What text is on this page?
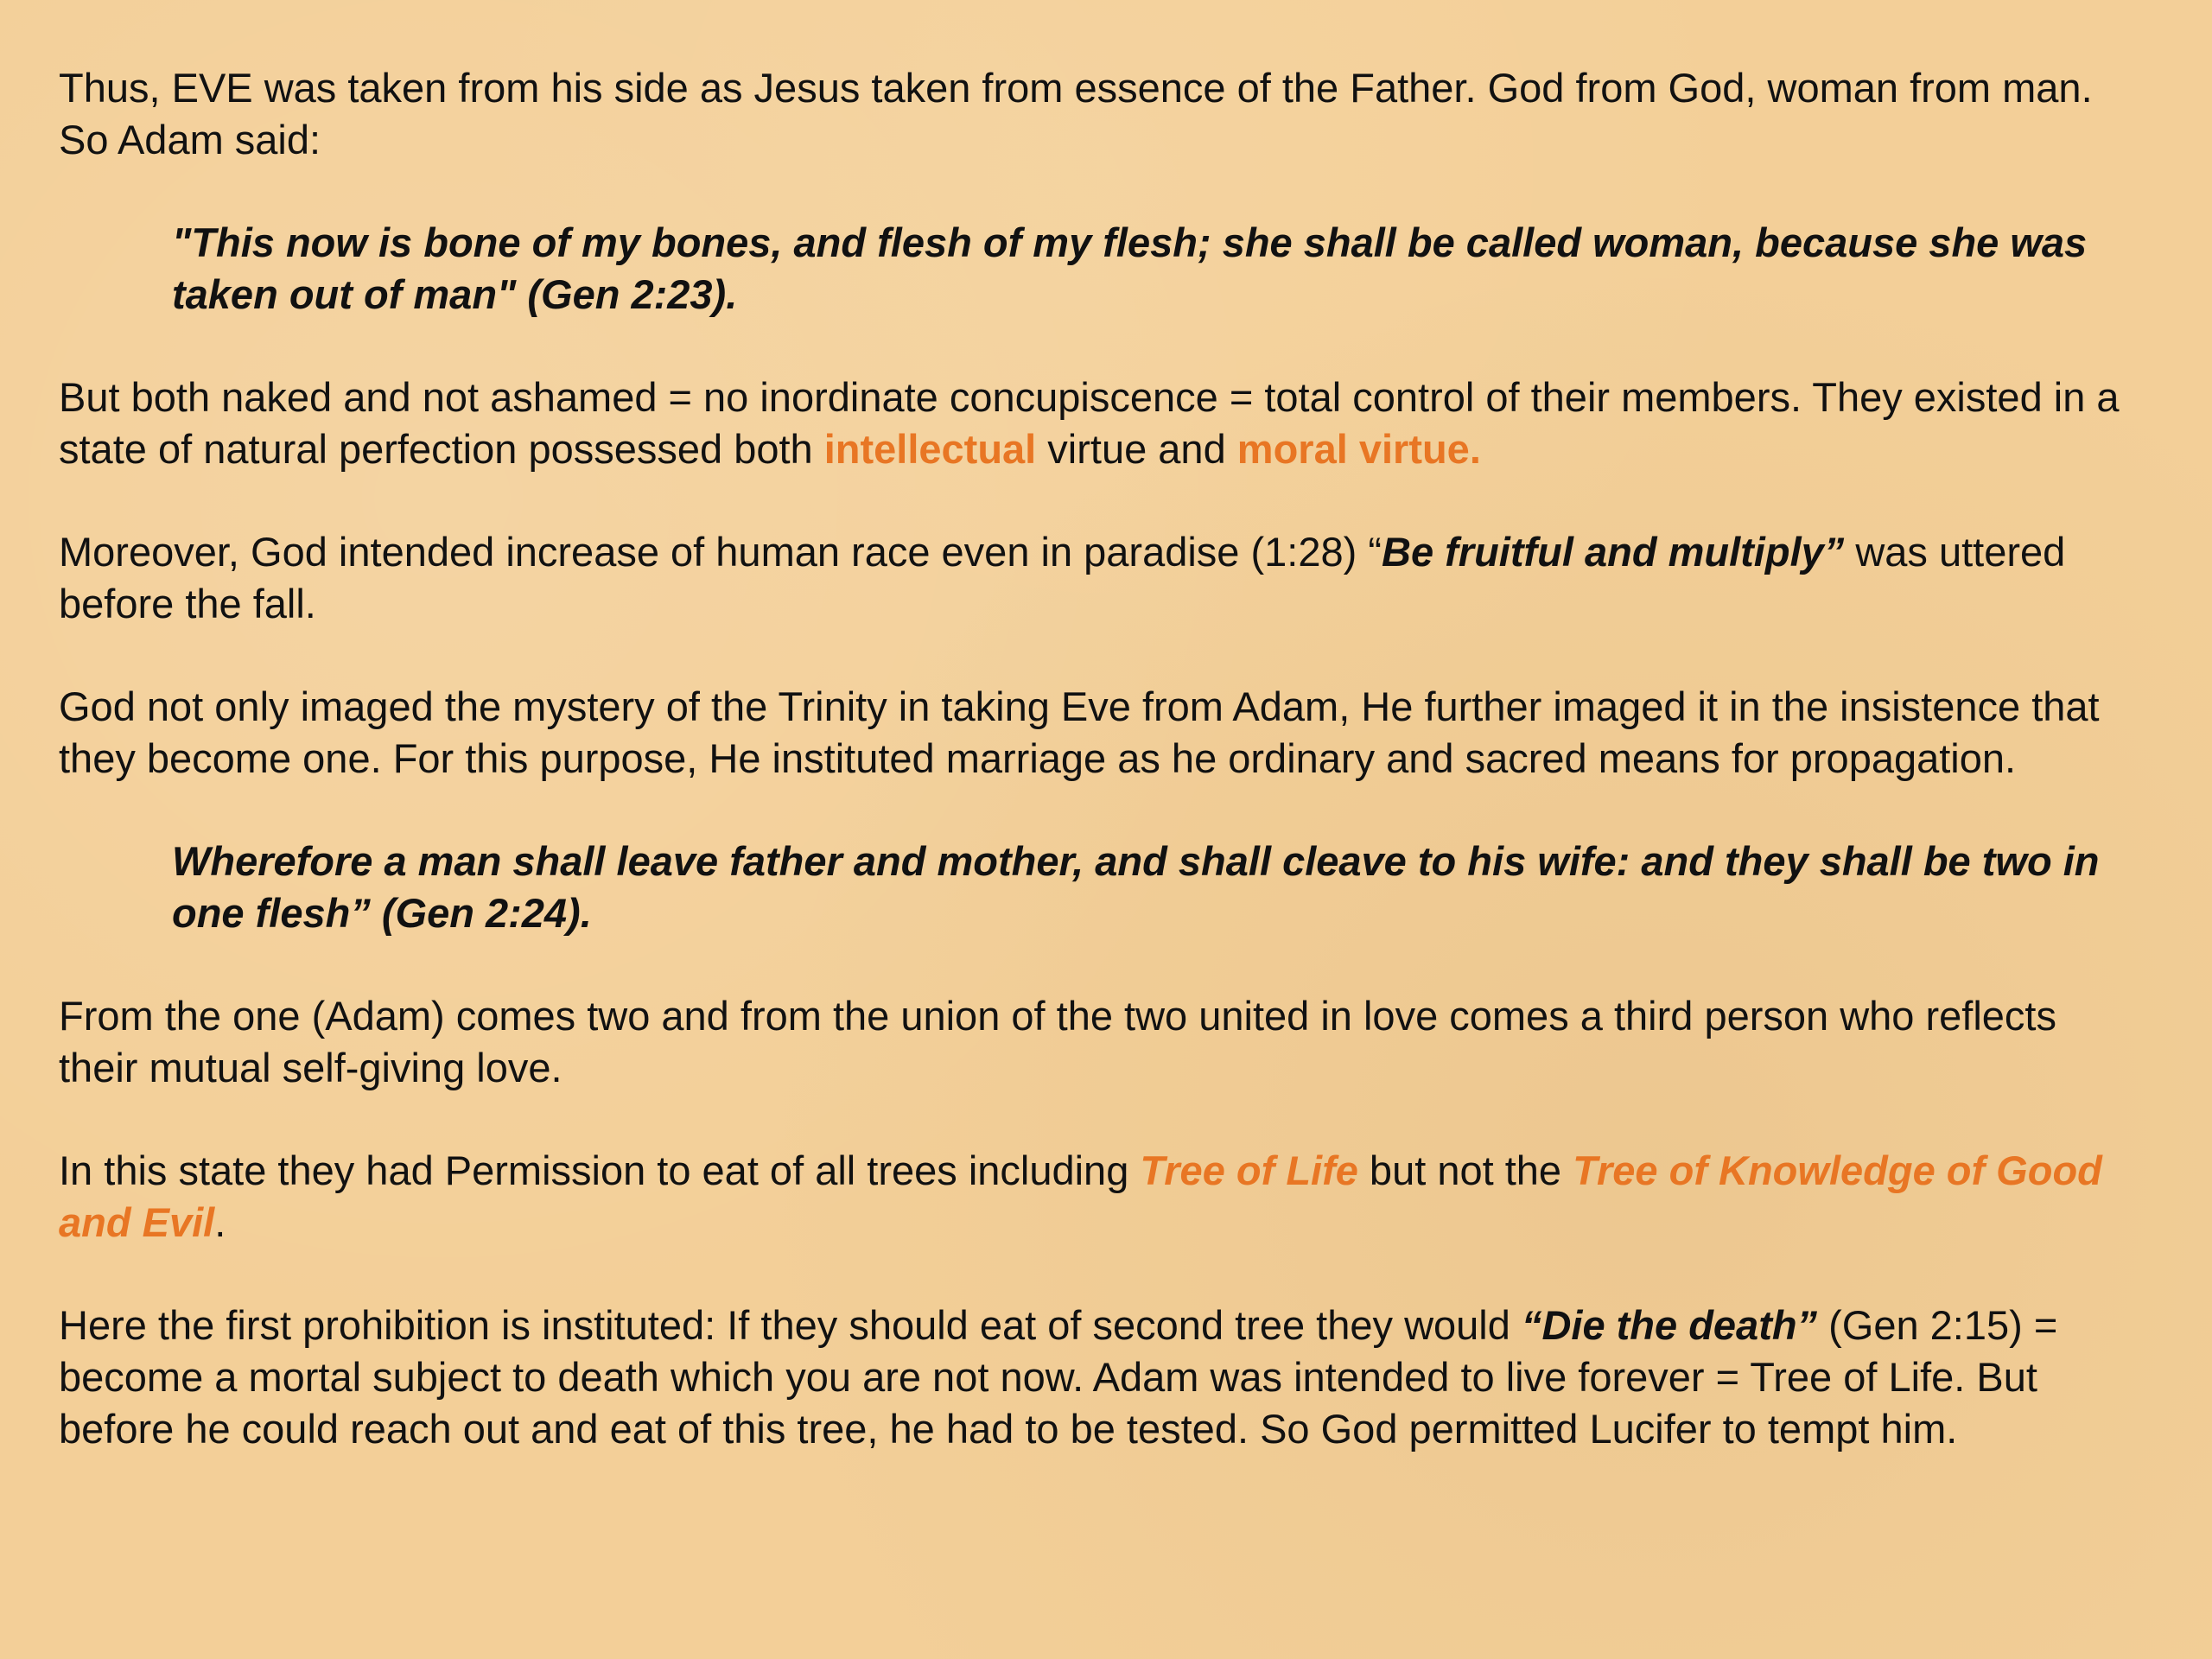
Thus, EVE was taken from his side as Jesus taken from essence of the Father. God from God, woman from man. So Adam said:

"This now is bone of my bones, and flesh of my flesh; she shall be called woman, because she was taken out of man" (Gen 2:23).

But both naked and not ashamed = no inordinate concupiscence = total control of their members. They existed in a state of natural perfection possessed both intellectual virtue and moral virtue.

Moreover, God intended increase of human race even in paradise (1:28) “Be fruitful and multiply” was uttered before the fall.

God not only imaged the mystery of the Trinity in taking Eve from Adam, He further imaged it in the insistence that they become one. For this purpose, He instituted marriage as he ordinary and sacred means for propagation.

Wherefore a man shall leave father and mother, and shall cleave to his wife: and they shall be two in one flesh” (Gen 2:24).

From the one (Adam) comes two and from the union of the two united in love comes a third person who reflects their mutual self-giving love.

In this state they had Permission to eat of all trees including Tree of Life but not the Tree of Knowledge of Good and Evil.

Here the first prohibition is instituted: If they should eat of second tree they would “Die the death” (Gen 2:15) = become a mortal subject to death which you are not now. Adam was intended to live forever = Tree of Life. But before he could reach out and eat of this tree, he had to be tested. So God permitted Lucifer to tempt him.
